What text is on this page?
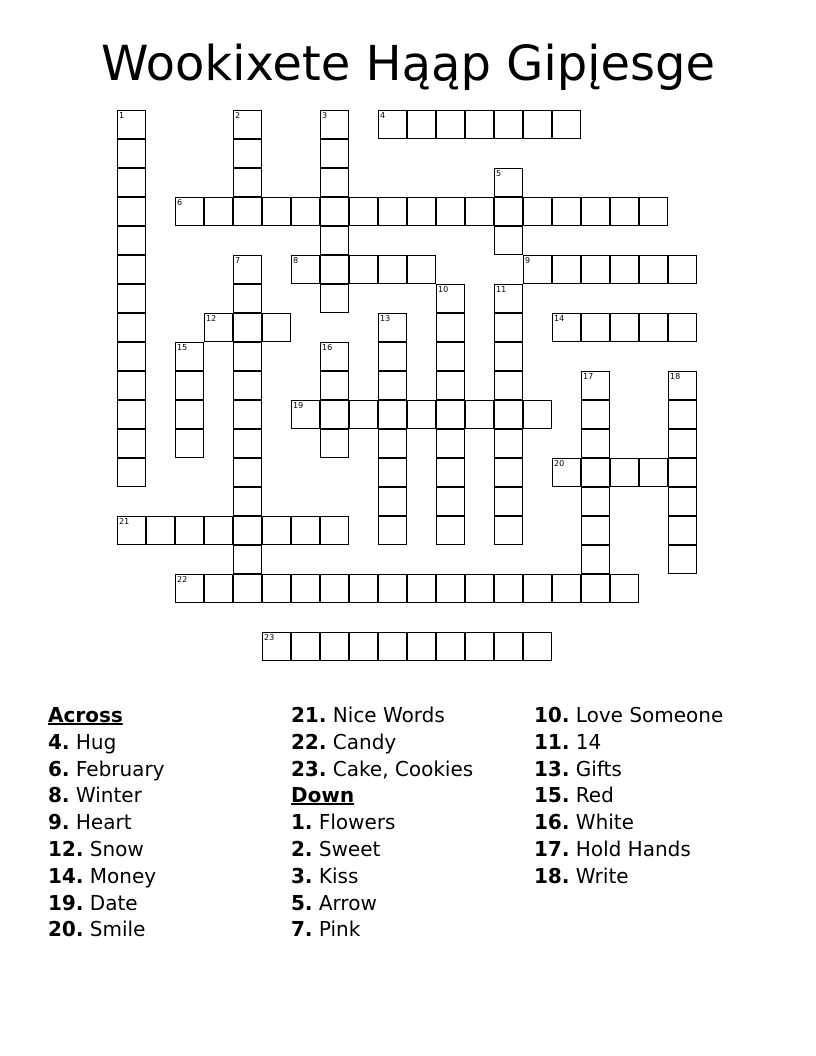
Wookixete Hąąp Gipįesge
1	2	3	4
5
6
7	8	9
10	11
12	13	14
15	16
17	18
19
20
21
22
23
Across
4. Hug
6. February
8. Winter
9. Heart
12. Snow
14. Money
19. Date
20. Smile
21. Nice Words
22. Candy
23. Cake, Cookies
Down
1. Flowers
2. Sweet
3. Kiss
5. Arrow
7. Pink
10. Love Someone
11. 14
13. Gifts
15. Red
16. White
17. Hold Hands
18. Write
